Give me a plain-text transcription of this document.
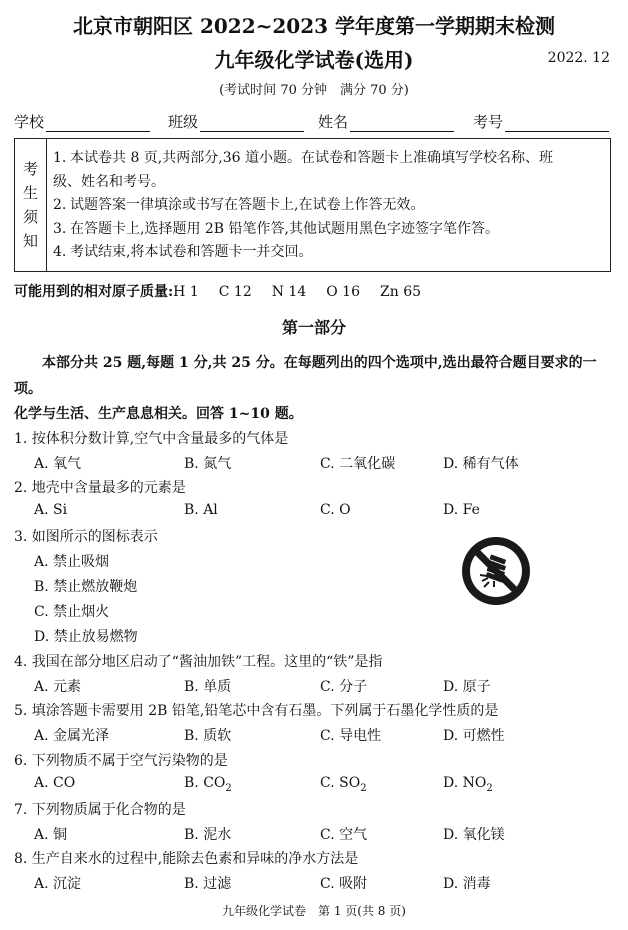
北京市朝阳区 2022~2023 学年度第一学期期末检测
九年级化学试卷(选用)	2022. 12
(考试时间 70 分钟　满分 70 分)
学校	班级	姓名	考号
考
生
须
知
1. 本试卷共 8 页,共两部分,36 道小题。在试卷和答题卡上准确填写学校名称、班
级、姓名和考号。
2. 试题答案一律填涂或书写在答题卡上,在试卷上作答无效。
3. 在答题卡上,选择题用 2B 铅笔作答,其他试题用黑色字迹签字笔作答。
4. 考试结束,将本试卷和答题卡一并交回。
可能用到的相对原子质量:H 1 C 12 N 14 O 16 Zn 65
第一部分
本部分共 25 题,每题 1 分,共 25 分。在每题列出的四个选项中,选出最符合题目要求的一项。
化学与生活、生产息息相关。回答 1~10 题。
1. 按体积分数计算,空气中含量最多的气体是
A. 氧气	B. 氮气	C. 二氧化碳	D. 稀有气体
2. 地壳中含量最多的元素是
A. Si	B. Al	C. O	D. Fe
3. 如图所示的图标表示
A. 禁止吸烟
B. 禁止燃放鞭炮
C. 禁止烟火
D. 禁止放易燃物
4. 我国在部分地区启动了“酱油加铁”工程。这里的“铁”是指
A. 元素	B. 单质	C. 分子	D. 原子
5. 填涂答题卡需要用 2B 铅笔,铅笔芯中含有石墨。下列属于石墨化学性质的是
A. 金属光泽	B. 质软	C. 导电性	D. 可燃性
6. 下列物质不属于空气污染物的是
A. CO	B. $CO_2$	C. $SO_2$	D. $NO_2$
7. 下列物质属于化合物的是
A. 铜	B. 泥水	C. 空气	D. 氧化镁
8. 生产自来水的过程中,能除去色素和异味的净水方法是
A. 沉淀	B. 过滤	C. 吸附	D. 消毒
九年级化学试卷　第 1 页(共 8 页)
